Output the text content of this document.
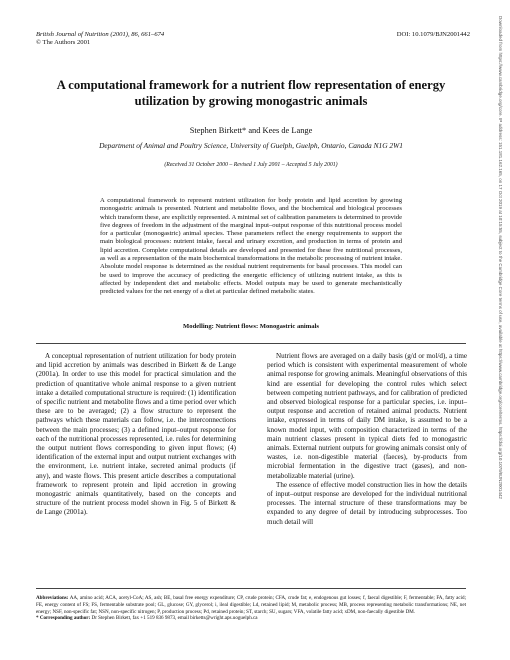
British Journal of Nutrition (2001), 86, 661–674
© The Authors 2001
DOI: 10.1079/BJN2001442	Downloaded from https://www.cambridge.org/core. IP address: 151.181.162.165, on 17 Oct 2019 at 10:15:55, subject to the Cambridge Core terms of use, available at https://www.cambridge.org/core/terms. https://doi.org/10.1079/BJN2001442
A computational framework for a nutrient flow representation of energy utilization by growing monogastric animals
Stephen Birkett* and Kees de Lange
Department of Animal and Poultry Science, University of Guelph, Guelph, Ontario, Canada N1G 2W1
(Received 31 October 2000 – Revised 1 July 2001 – Accepted 5 July 2001)
A computational framework to represent nutrient utilization for body protein and lipid accretion by growing monogastric animals is presented. Nutrient and metabolite flows, and the biochemical and biological processes which transform these, are explicitly represented. A minimal set of calibration parameters is determined to provide five degrees of freedom in the adjustment of the marginal input–output response of this nutritional process model for a particular (monogastric) animal species. These parameters reflect the energy requirements to support the main biological processes: nutrient intake, faecal and urinary excretion, and production in terms of protein and lipid accretion. Complete computational details are developed and presented for these five nutritional processes, as well as a representation of the main biochemical transformations in the metabolic processing of nutrient intake. Absolute model response is determined as the residual nutrient requirements for basal processes. This model can be used to improve the accuracy of predicting the energetic efficiency of utilizing nutrient intake, as this is affected by independent diet and metabolic effects. Model outputs may be used to generate mechanistically predicted values for the net energy of a diet at particular defined metabolic states.
Modelling: Nutrient flows: Monogastric animals

A conceptual representation of nutrient utilization for body protein and lipid accretion by animals was described in Birkett & de Lange (2001a). In order to use this model for practical simulation and the prediction of quantitative whole animal response to a given nutrient intake a detailed computational structure is required: (1) identification of specific nutrient and metabolite flows and a time period over which these are to be averaged; (2) a flow structure to represent the pathways which these materials can follow, i.e. the interconnections between the main processes; (3) a defined input–output response for each of the nutritional processes represented, i.e. rules for determining the output nutrient flows corresponding to given input flows; (4) identification of the external input and output nutrient exchanges with the environment, i.e. nutrient intake, secreted animal products (if any), and waste flows. This present article describes a computational framework to represent protein and lipid accretion in growing monogastric animals quantitatively, based on the concepts and structure of the nutrient process model shown in Fig. 5 of Birkett & de Lange (2001a).

Nutrient flows are averaged on a daily basis (g/d or mol/d), a time period which is consistent with experimental measurement of whole animal response for growing animals. Meaningful observations of this kind are essential for developing the control rules which select between competing nutrient pathways, and for calibration of predicted and observed biological response for a particular species, i.e. input–output response and accretion of retained animal products. Nutrient intake, expressed in terms of daily DM intake, is assumed to be a known model input, with composition characterized in terms of the main nutrient classes present in typical diets fed to monogastric animals. External nutrient outputs for growing animals consist only of wastes, i.e. non-digestible material (faeces), by-products from microbial fermentation in the digestive tract (gases), and non-metabolizable material (urine).

The essence of effective model construction lies in how the details of input–output response are developed for the individual nutritional processes. The internal structure of these transformations may be expanded to any degree of detail by introducing subprocesses. Too much detail will

Abbreviations: AA, amino acid; ACA, acetyl-CoA; AS, ash; BE, basal free energy expenditure; CP, crude protein; CFA, crude fat; e, endogenous gut losses; f, faecal digestible; F, fermentable; FA, fatty acid; FE, energy content of FS; FS, fermentable substrate pool; GL, glucose; GY, glycerol; i, ileal digestible; Ld, retained lipid; M, metabolic process; MB, process representing metabolic transformations; NE, net energy; NSF, non-specific fat; NSN, non-specific nitrogen; P, production process; Pd, retained protein; ST, starch; SU, sugars; VFA, volatile fatty acid; xDM, non-faecally digestible DM.

* Corresponding author: Dr Stephen Birkett, fax +1 519 836 9873, email birketts@wright.aps.uoguelph.ca
